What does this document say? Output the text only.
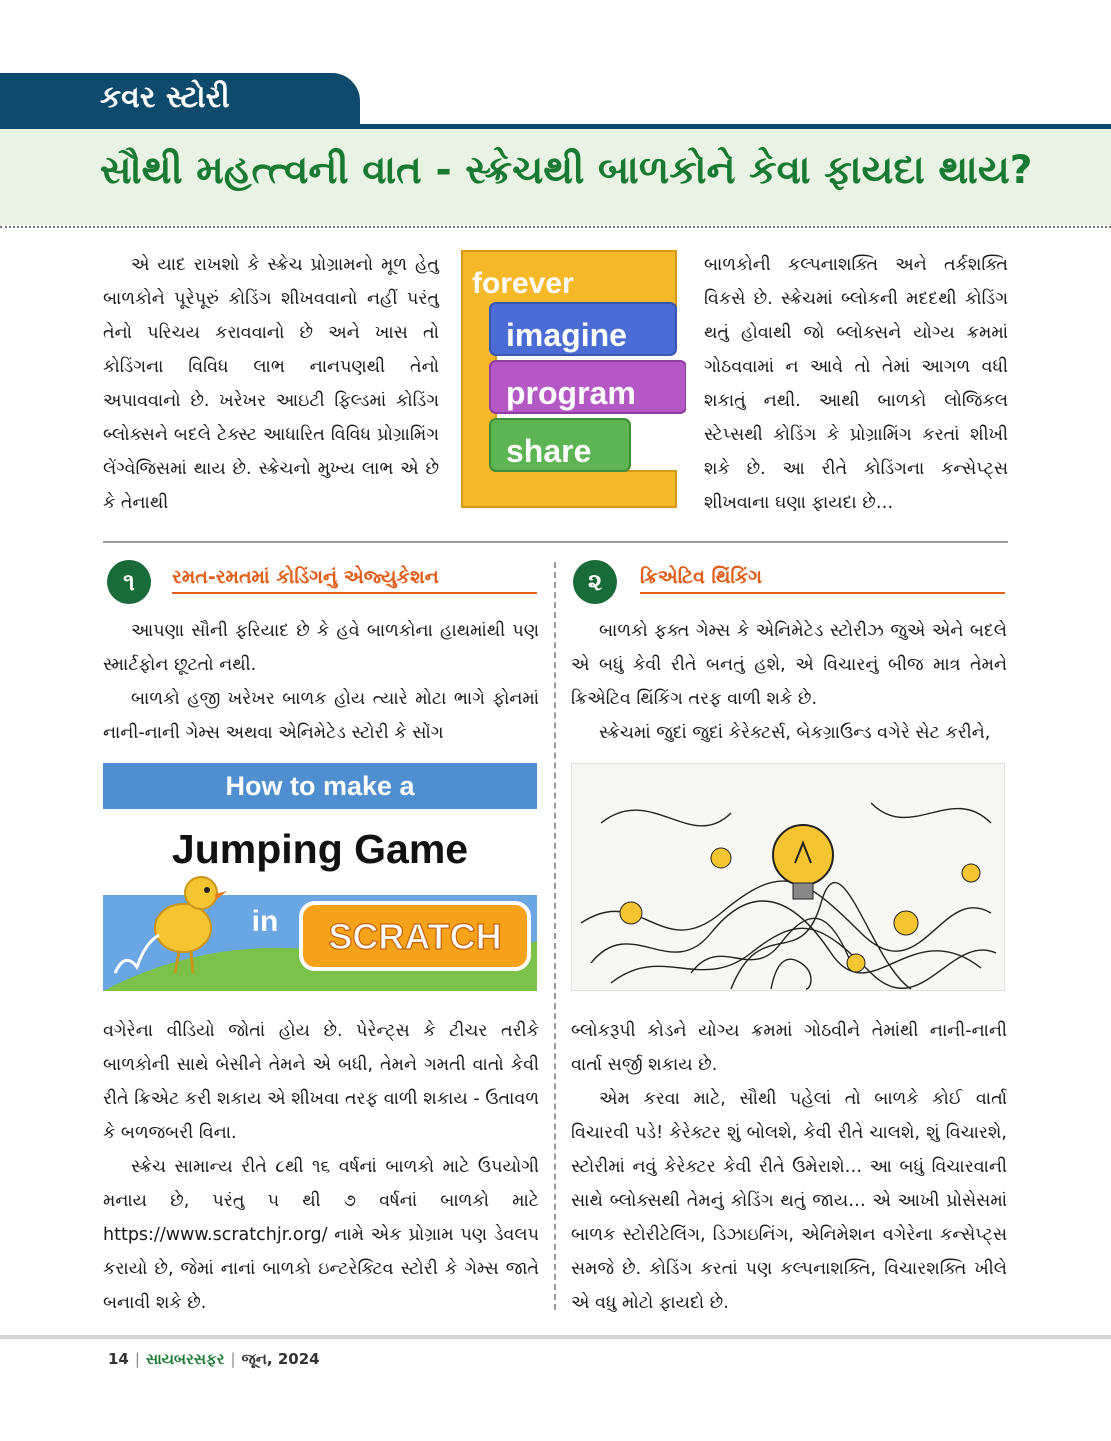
કવર સ્ટોરી
સૌથી મહત્ત્વની વાત - સ્ક્રેચથી બાળકોને કેવા ફાયદા થાય?

એ યાદ રાખશો કે સ્ક્રેચ પ્રોગ્રામનો મૂળ હેતુ બાળકોને પૂરેપૂરું કોડિંગ શીખવવાનો નહીં પરંતુ તેનો પરિચય કરાવવાનો છે અને ખાસ તો કોડિંગના વિવિધ લાભ નાનપણથી તેનો અપાવવાનો છે. ખરેખર આઇટી ફિલ્ડમાં કોડિંગ બ્લોક્સને બદલે ટેક્સ્ટ આધારિત વિવિધ પ્રોગ્રામિંગ લેંગ્વેજિસમાં થાય છે. સ્ક્રેચનો મુખ્ય લાભ એ છે કે તેનાથી

forever
imagine
program
share

બાળકોની કલ્પનાશક્તિ અને તર્કશક્તિ વિકસે છે. સ્ક્રેચમાં બ્લોકની મદદથી કોડિંગ થતું હોવાથી જો બ્લોક્સને યોગ્ય ક્રમમાં ગોઠવવામાં ન આવે તો તેમાં આગળ વધી શકાતું નથી. આથી બાળકો લોજિકલ સ્ટેપ્સથી કોડિંગ કે પ્રોગ્રામિંગ કરતાં શીખી શકે છે. આ રીતે કોડિંગના કન્સેપ્ટ્સ શીખવાના ઘણા ફાયદા છે…

૧	રમત-રમતમાં કોડિંગનું એજ્યુકેશન

આપણા સૌની ફરિયાદ છે કે હવે બાળકોના હાથમાંથી પણ સ્માર્ટફોન છૂટતો નથી.

બાળકો હજી ખરેખર બાળક હોય ત્યારે મોટા ભાગે ફોનમાં નાની-નાની ગેમ્સ અથવા એનિમેટેડ સ્ટોરી કે સોંગ

How to make a
Jumping Game
in SCRATCH

વગેરેના વીડિયો જોતાં હોય છે. પેરેન્ટ્સ કે ટીચર તરીકે બાળકોની સાથે બેસીને તેમને એ બધી, તેમને ગમતી વાતો કેવી રીતે ક્રિએટ કરી શકાય એ શીખવા તરફ વાળી શકાય - ઉતાવળ કે બળજબરી વિના.

સ્ક્રેચ સામાન્ય રીતે ૮થી ૧૬ વર્ષનાં બાળકો માટે ઉપયોગી મનાય છે, પરંતુ ૫ થી ૭ વર્ષનાં બાળકો માટે https://www.scratchjr.org/ નામે એક પ્રોગ્રામ પણ ડેવલપ કરાયો છે, જેમાં નાનાં બાળકો ઇન્ટરેક્ટિવ સ્ટોરી કે ગેમ્સ જાતે બનાવી શકે છે.

૨	ક્રિએટિવ થિંકિંગ

બાળકો ફક્ત ગેમ્સ કે એનિમેટેડ સ્ટોરીઝ જુએ એને બદલે એ બધું કેવી રીતે બનતું હશે, એ વિચારનું બીજ માત્ર તેમને ક્રિએટિવ થિંકિંગ તરફ વાળી શકે છે.

સ્ક્રેચમાં જુદાં જુદાં કેરેક્ટર્સ, બેકગ્રાઉન્ડ વગેરે સેટ કરીને,

બ્લોકરૂપી કોડને યોગ્ય ક્રમમાં ગોઠવીને તેમાંથી નાની-નાની વાર્તા સર્જી શકાય છે.

એમ કરવા માટે, સૌથી પહેલાં તો બાળકે કોઈ વાર્તા વિચારવી પડે! કેરેક્ટર શું બોલશે, કેવી રીતે ચાલશે, શું વિચારશે, સ્ટોરીમાં નવું કેરેક્ટર કેવી રીતે ઉમેરાશે… આ બધું વિચારવાની સાથે બ્લોક્સથી તેમનું કોડિંગ થતું જાય… એ આખી પ્રોસેસમાં બાળક સ્ટોરીટેલિંગ, ડિઝાઇનિંગ, એનિમેશન વગેરેના કન્સેપ્ટ્સ સમજે છે. કોડિંગ કરતાં પણ કલ્પનાશક્તિ, વિચારશક્તિ ખીલે એ વધુ મોટો ફાયદો છે.

14 | સાયબરસફર | જૂન, 2024
